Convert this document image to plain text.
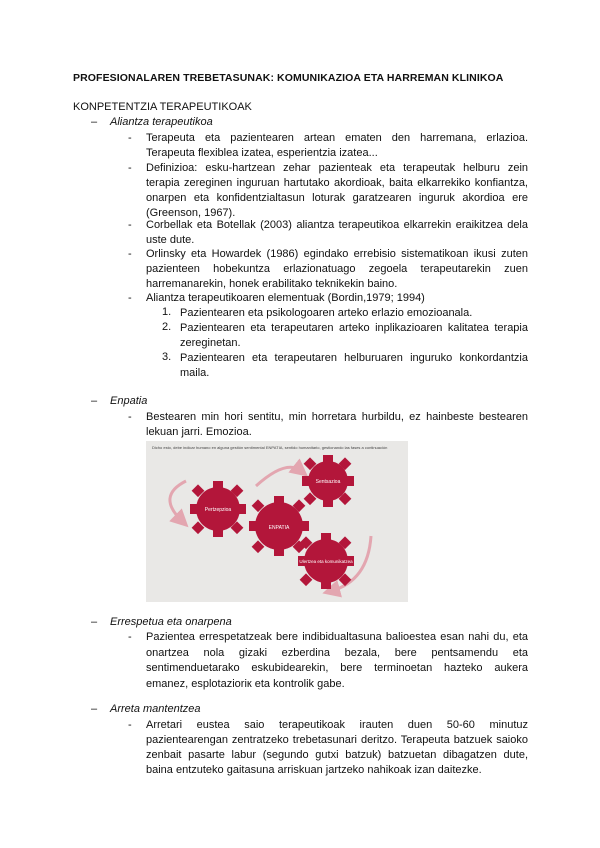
PROFESIONALAREN TREBETASUNAK: KOMUNIKAZIOA ETA HARREMAN KLINIKOA
KONPETENTZIA TERAPEUTIKOAK
– Aliantza terapeutikoa
- Terapeuta eta pazientearen artean ematen den harremana, erlazioa. Terapeuta flexiblea izatea, esperientzia izatea...
- Definizioa: esku-hartzean zehar pazienteak eta terapeutak helburu zein terapia zereginen inguruan hartutako akordioak, baita elkarrekiko konfiantza, onarpen eta konfidentzialtasun loturak garatzearen inguruk akordioa ere (Greenson, 1967).
- Corbellak eta Botellak (2003) aliantza terapeutikoa elkarrekin eraikitzea dela uste dute.
- Orlinsky eta Howardek (1986) egindako errebisio sistematikoan ikusi zuten pazienteen hobekuntza erlazionatuago zegoela terapeutarekin zuen harremanarekin, honek erabilitako teknikekin baino.
- Aliantza terapeutikoaren elementuak (Bordin,1979; 1994)
1. Pazientearen eta psikologoaren arteko erlazio emozioanala.
2. Pazientearen eta terapeutaren arteko inplikazioaren kalitatea terapia zereginetan.
3. Pazientearen eta terapeutaren helburuaren inguruko konkordantzia maila.
– Enpatia
- Bestearen min hori sentitu, min horretara hurbildu, ez hainbeste bestearen lekuan jarri. Emozioa.
Dicho esto, debe indicar humano en alguna gestión sentimental ENPATIA, sentido humanitario, gestionando las fases a continuación
ENPATIA
Pertzepzioa
Sentsazioa
Ulertzea eta komunikatzea
– Errespetua eta onarpena
- Pazientea errespetatzeak bere indibidualtasuna balioestea esan nahi du, eta onartzea nola gizaki ezberdina bezala, bere pentsamendu eta sentimenduetarako eskubidearekin, bere terminoetan hazteko aukera emanez, esplotazioriк eta kontrolik gabe.
– Arreta mantentzea
- Arretari eustea saio terapeutikoak irauten duen 50-60 minutuz pazientearengan zentratzeko trebetasunari deritzo. Terapeuta batzuek saioko zenbait pasarte labur (segundo gutxi batzuk) batzuetan dibagatzen dute, baina entzuteko gaitasuna arriskuan jartzeko nahikoak izan daitezke.
